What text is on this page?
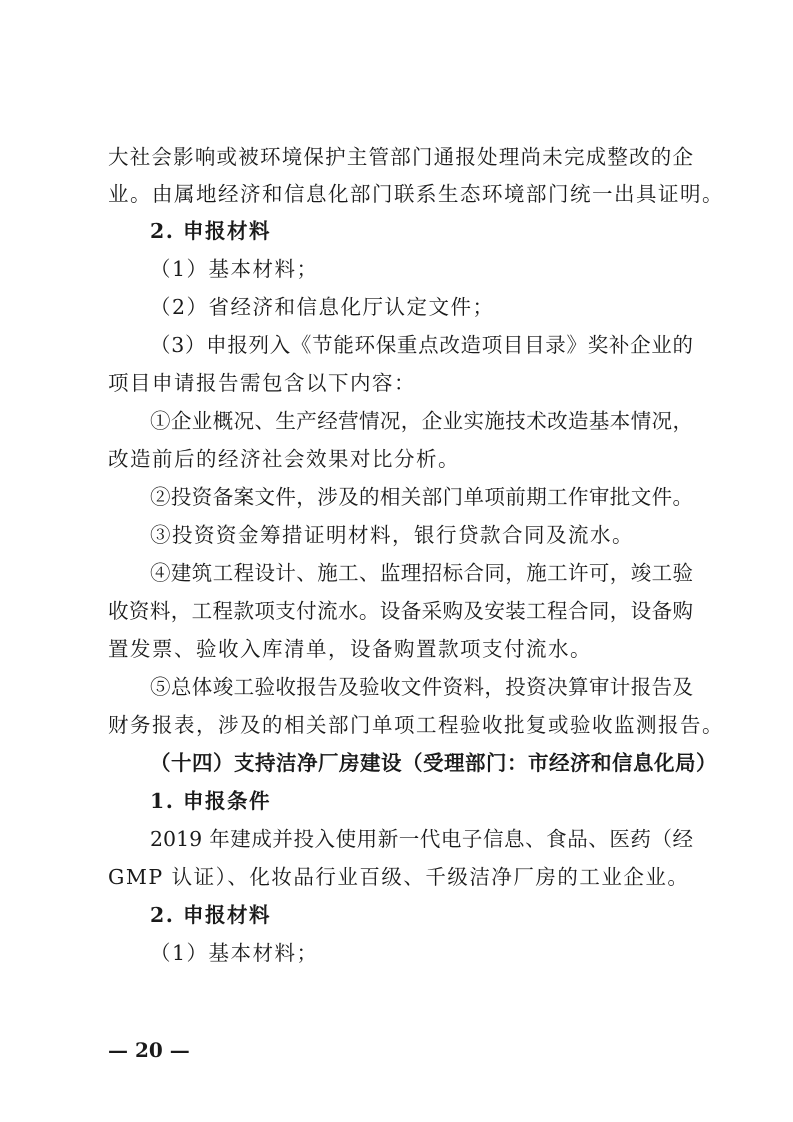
大社会影响或被环境保护主管部门通报处理尚未完成整改的企
业。由属地经济和信息化部门联系生态环境部门统一出具证明。
2. 申报材料
（1）基本材料；
（2）省经济和信息化厅认定文件；
（3）申报列入《节能环保重点改造项目目录》奖补企业的
项目申请报告需包含以下内容：
①企业概况、生产经营情况，企业实施技术改造基本情况，
改造前后的经济社会效果对比分析。
②投资备案文件，涉及的相关部门单项前期工作审批文件。
③投资资金筹措证明材料，银行贷款合同及流水。
④建筑工程设计、施工、监理招标合同，施工许可，竣工验
收资料，工程款项支付流水。设备采购及安装工程合同，设备购
置发票、验收入库清单，设备购置款项支付流水。
⑤总体竣工验收报告及验收文件资料，投资决算审计报告及
财务报表，涉及的相关部门单项工程验收批复或验收监测报告。
（十四）支持洁净厂房建设（受理部门：市经济和信息化局）
1. 申报条件
2019 年建成并投入使用新一代电子信息、食品、医药（经
GMP 认证）、化妆品行业百级、千级洁净厂房的工业企业。
2. 申报材料
（1）基本材料；
— 20 —
